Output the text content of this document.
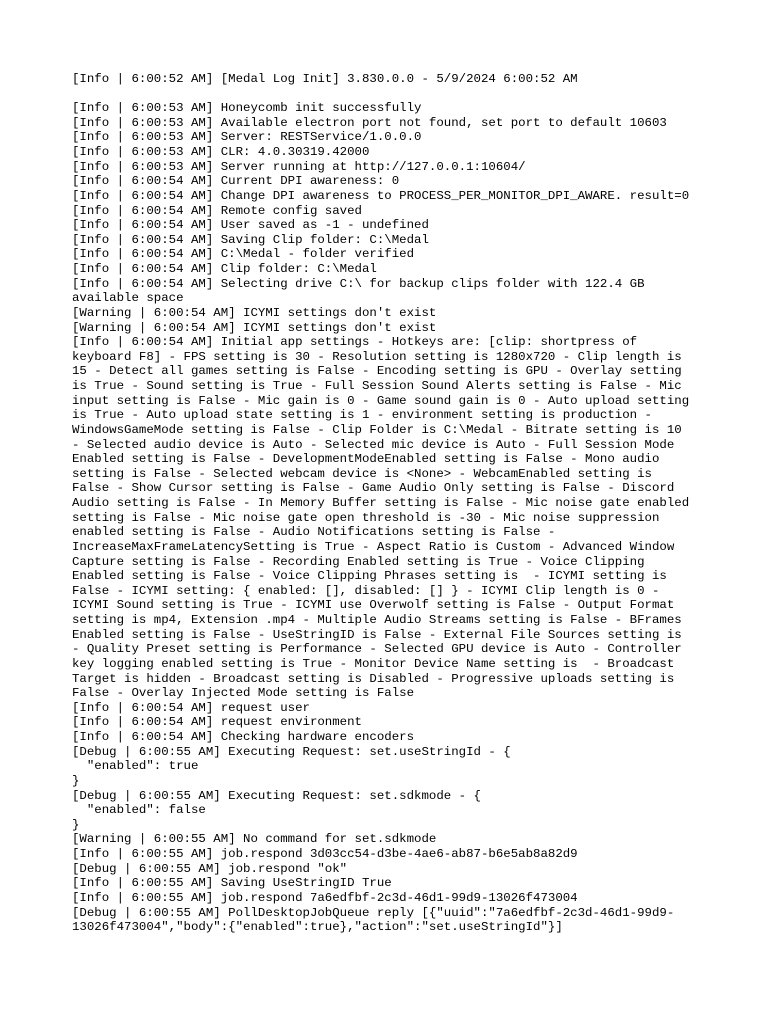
[Info | 6:00:52 AM] [Medal Log Init] 3.830.0.0 - 5/9/2024 6:00:52 AM
[Info | 6:00:53 AM] Honeycomb init successfully
[Info | 6:00:53 AM] Available electron port not found, set port to default 10603
[Info | 6:00:53 AM] Server: RESTService/1.0.0.0
[Info | 6:00:53 AM] CLR: 4.0.30319.42000
[Info | 6:00:53 AM] Server running at http://127.0.0.1:10604/
[Info | 6:00:54 AM] Current DPI awareness: 0
[Info | 6:00:54 AM] Change DPI awareness to PROCESS_PER_MONITOR_DPI_AWARE. result=0
[Info | 6:00:54 AM] Remote config saved
[Info | 6:00:54 AM] User saved as -1 - undefined
[Info | 6:00:54 AM] Saving Clip folder: C:\Medal
[Info | 6:00:54 AM] C:\Medal - folder verified
[Info | 6:00:54 AM] Clip folder: C:\Medal
[Info | 6:00:54 AM] Selecting drive C:\ for backup clips folder with 122.4 GB
available space
[Warning | 6:00:54 AM] ICYMI settings don't exist
[Warning | 6:00:54 AM] ICYMI settings don't exist
[Info | 6:00:54 AM] Initial app settings - Hotkeys are: [clip: shortpress of
keyboard F8] - FPS setting is 30 - Resolution setting is 1280x720 - Clip length is
15 - Detect all games setting is False - Encoding setting is GPU - Overlay setting
is True - Sound setting is True - Full Session Sound Alerts setting is False - Mic
input setting is False - Mic gain is 0 - Game sound gain is 0 - Auto upload setting
is True - Auto upload state setting is 1 - environment setting is production -
WindowsGameMode setting is False - Clip Folder is C:\Medal - Bitrate setting is 10
- Selected audio device is Auto - Selected mic device is Auto - Full Session Mode
Enabled setting is False - DevelopmentModeEnabled setting is False - Mono audio
setting is False - Selected webcam device is <None> - WebcamEnabled setting is
False - Show Cursor setting is False - Game Audio Only setting is False - Discord
Audio setting is False - In Memory Buffer setting is False - Mic noise gate enabled
setting is False - Mic noise gate open threshold is -30 - Mic noise suppression
enabled setting is False - Audio Notifications setting is False -
IncreaseMaxFrameLatencySetting is True - Aspect Ratio is Custom - Advanced Window
Capture setting is False - Recording Enabled setting is True - Voice Clipping
Enabled setting is False - Voice Clipping Phrases setting is  - ICYMI setting is
False - ICYMI setting: { enabled: [], disabled: [] } - ICYMI Clip length is 0 -
ICYMI Sound setting is True - ICYMI use Overwolf setting is False - Output Format
setting is mp4, Extension .mp4 - Multiple Audio Streams setting is False - BFrames
Enabled setting is False - UseStringID is False - External File Sources setting is
- Quality Preset setting is Performance - Selected GPU device is Auto - Controller
key logging enabled setting is True - Monitor Device Name setting is  - Broadcast
Target is hidden - Broadcast setting is Disabled - Progressive uploads setting is
False - Overlay Injected Mode setting is False
[Info | 6:00:54 AM] request user
[Info | 6:00:54 AM] request environment
[Info | 6:00:54 AM] Checking hardware encoders
[Debug | 6:00:55 AM] Executing Request: set.useStringId - {
"enabled": true
}
[Debug | 6:00:55 AM] Executing Request: set.sdkmode - {
"enabled": false
}
[Warning | 6:00:55 AM] No command for set.sdkmode
[Info | 6:00:55 AM] job.respond 3d03cc54-d3be-4ae6-ab87-b6e5ab8a82d9
[Debug | 6:00:55 AM] job.respond "ok"
[Info | 6:00:55 AM] Saving UseStringID True
[Info | 6:00:55 AM] job.respond 7a6edfbf-2c3d-46d1-99d9-13026f473004
[Debug | 6:00:55 AM] PollDesktopJobQueue reply [{"uuid":"7a6edfbf-2c3d-46d1-99d9-
13026f473004","body":{"enabled":true},"action":"set.useStringId"}]
